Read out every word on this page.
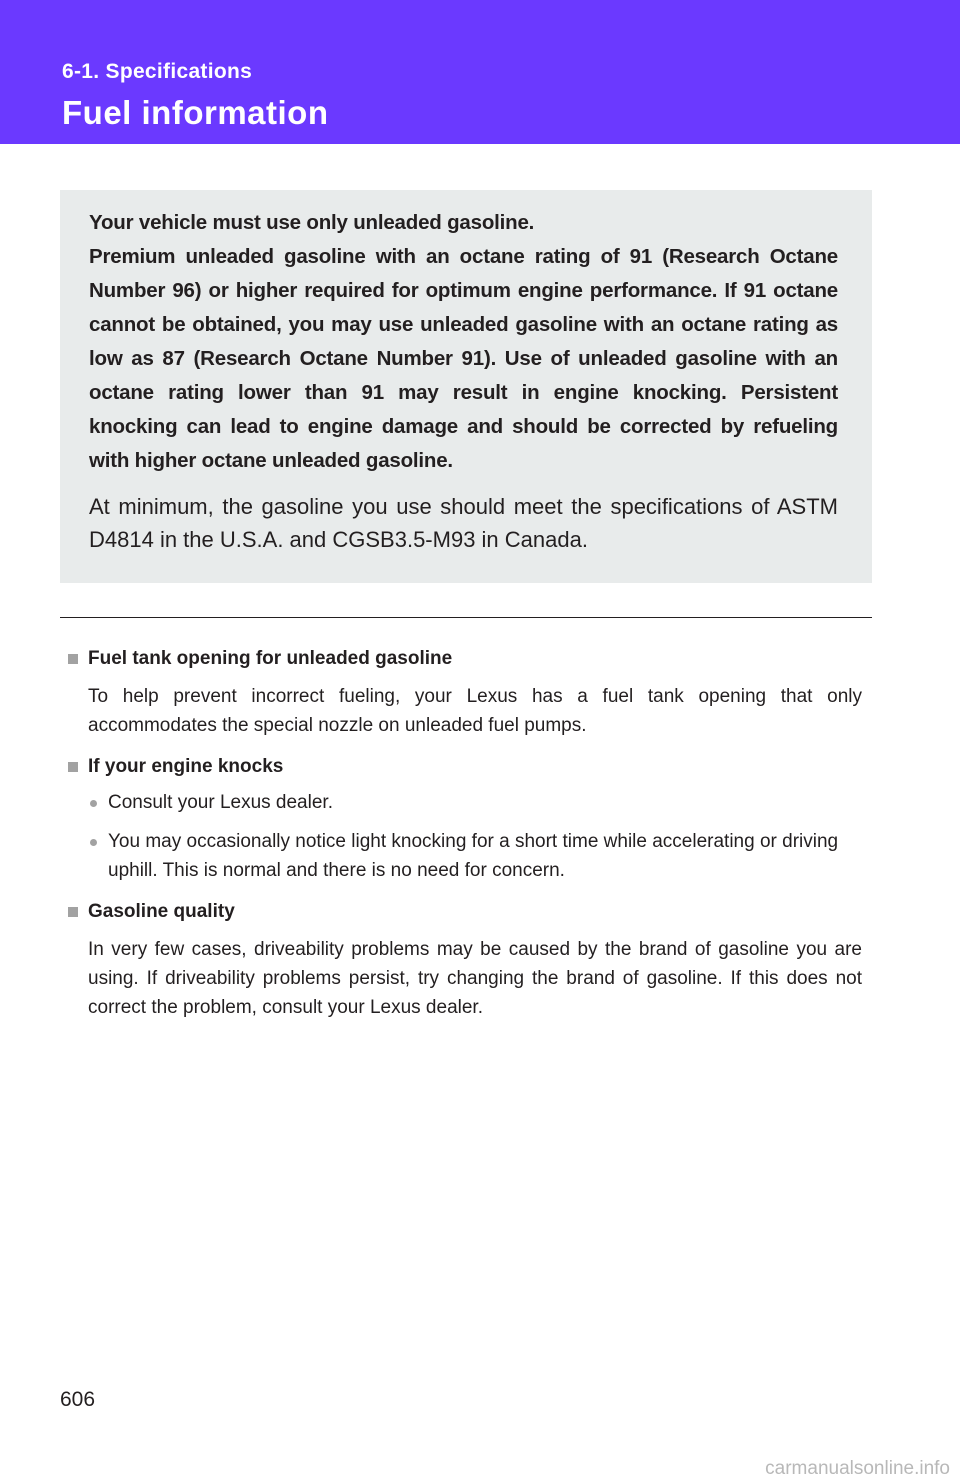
6-1. Specifications
Fuel information

Your vehicle must use only unleaded gasoline.

Premium unleaded gasoline with an octane rating of 91 (Research Octane Number 96) or higher required for optimum engine performance. If 91 octane cannot be obtained, you may use unleaded gasoline with an octane rating as low as 87 (Research Octane Number 91). Use of unleaded gasoline with an octane rating lower than 91 may result in engine knocking. Persistent knocking can lead to engine damage and should be corrected by refueling with higher octane unleaded gasoline.

At minimum, the gasoline you use should meet the specifications of ASTM D4814 in the U.S.A. and CGSB3.5-M93 in Canada.

Fuel tank opening for unleaded gasoline

To help prevent incorrect fueling, your Lexus has a fuel tank opening that only accommodates the special nozzle on unleaded fuel pumps.

If your engine knocks
Consult your Lexus dealer.
You may occasionally notice light knocking for a short time while accelerating or driving uphill. This is normal and there is no need for concern.
Gasoline quality

In very few cases, driveability problems may be caused by the brand of gasoline you are using. If driveability problems persist, try changing the brand of gasoline. If this does not correct the problem, consult your Lexus dealer.

606
carmanualsonline.info
